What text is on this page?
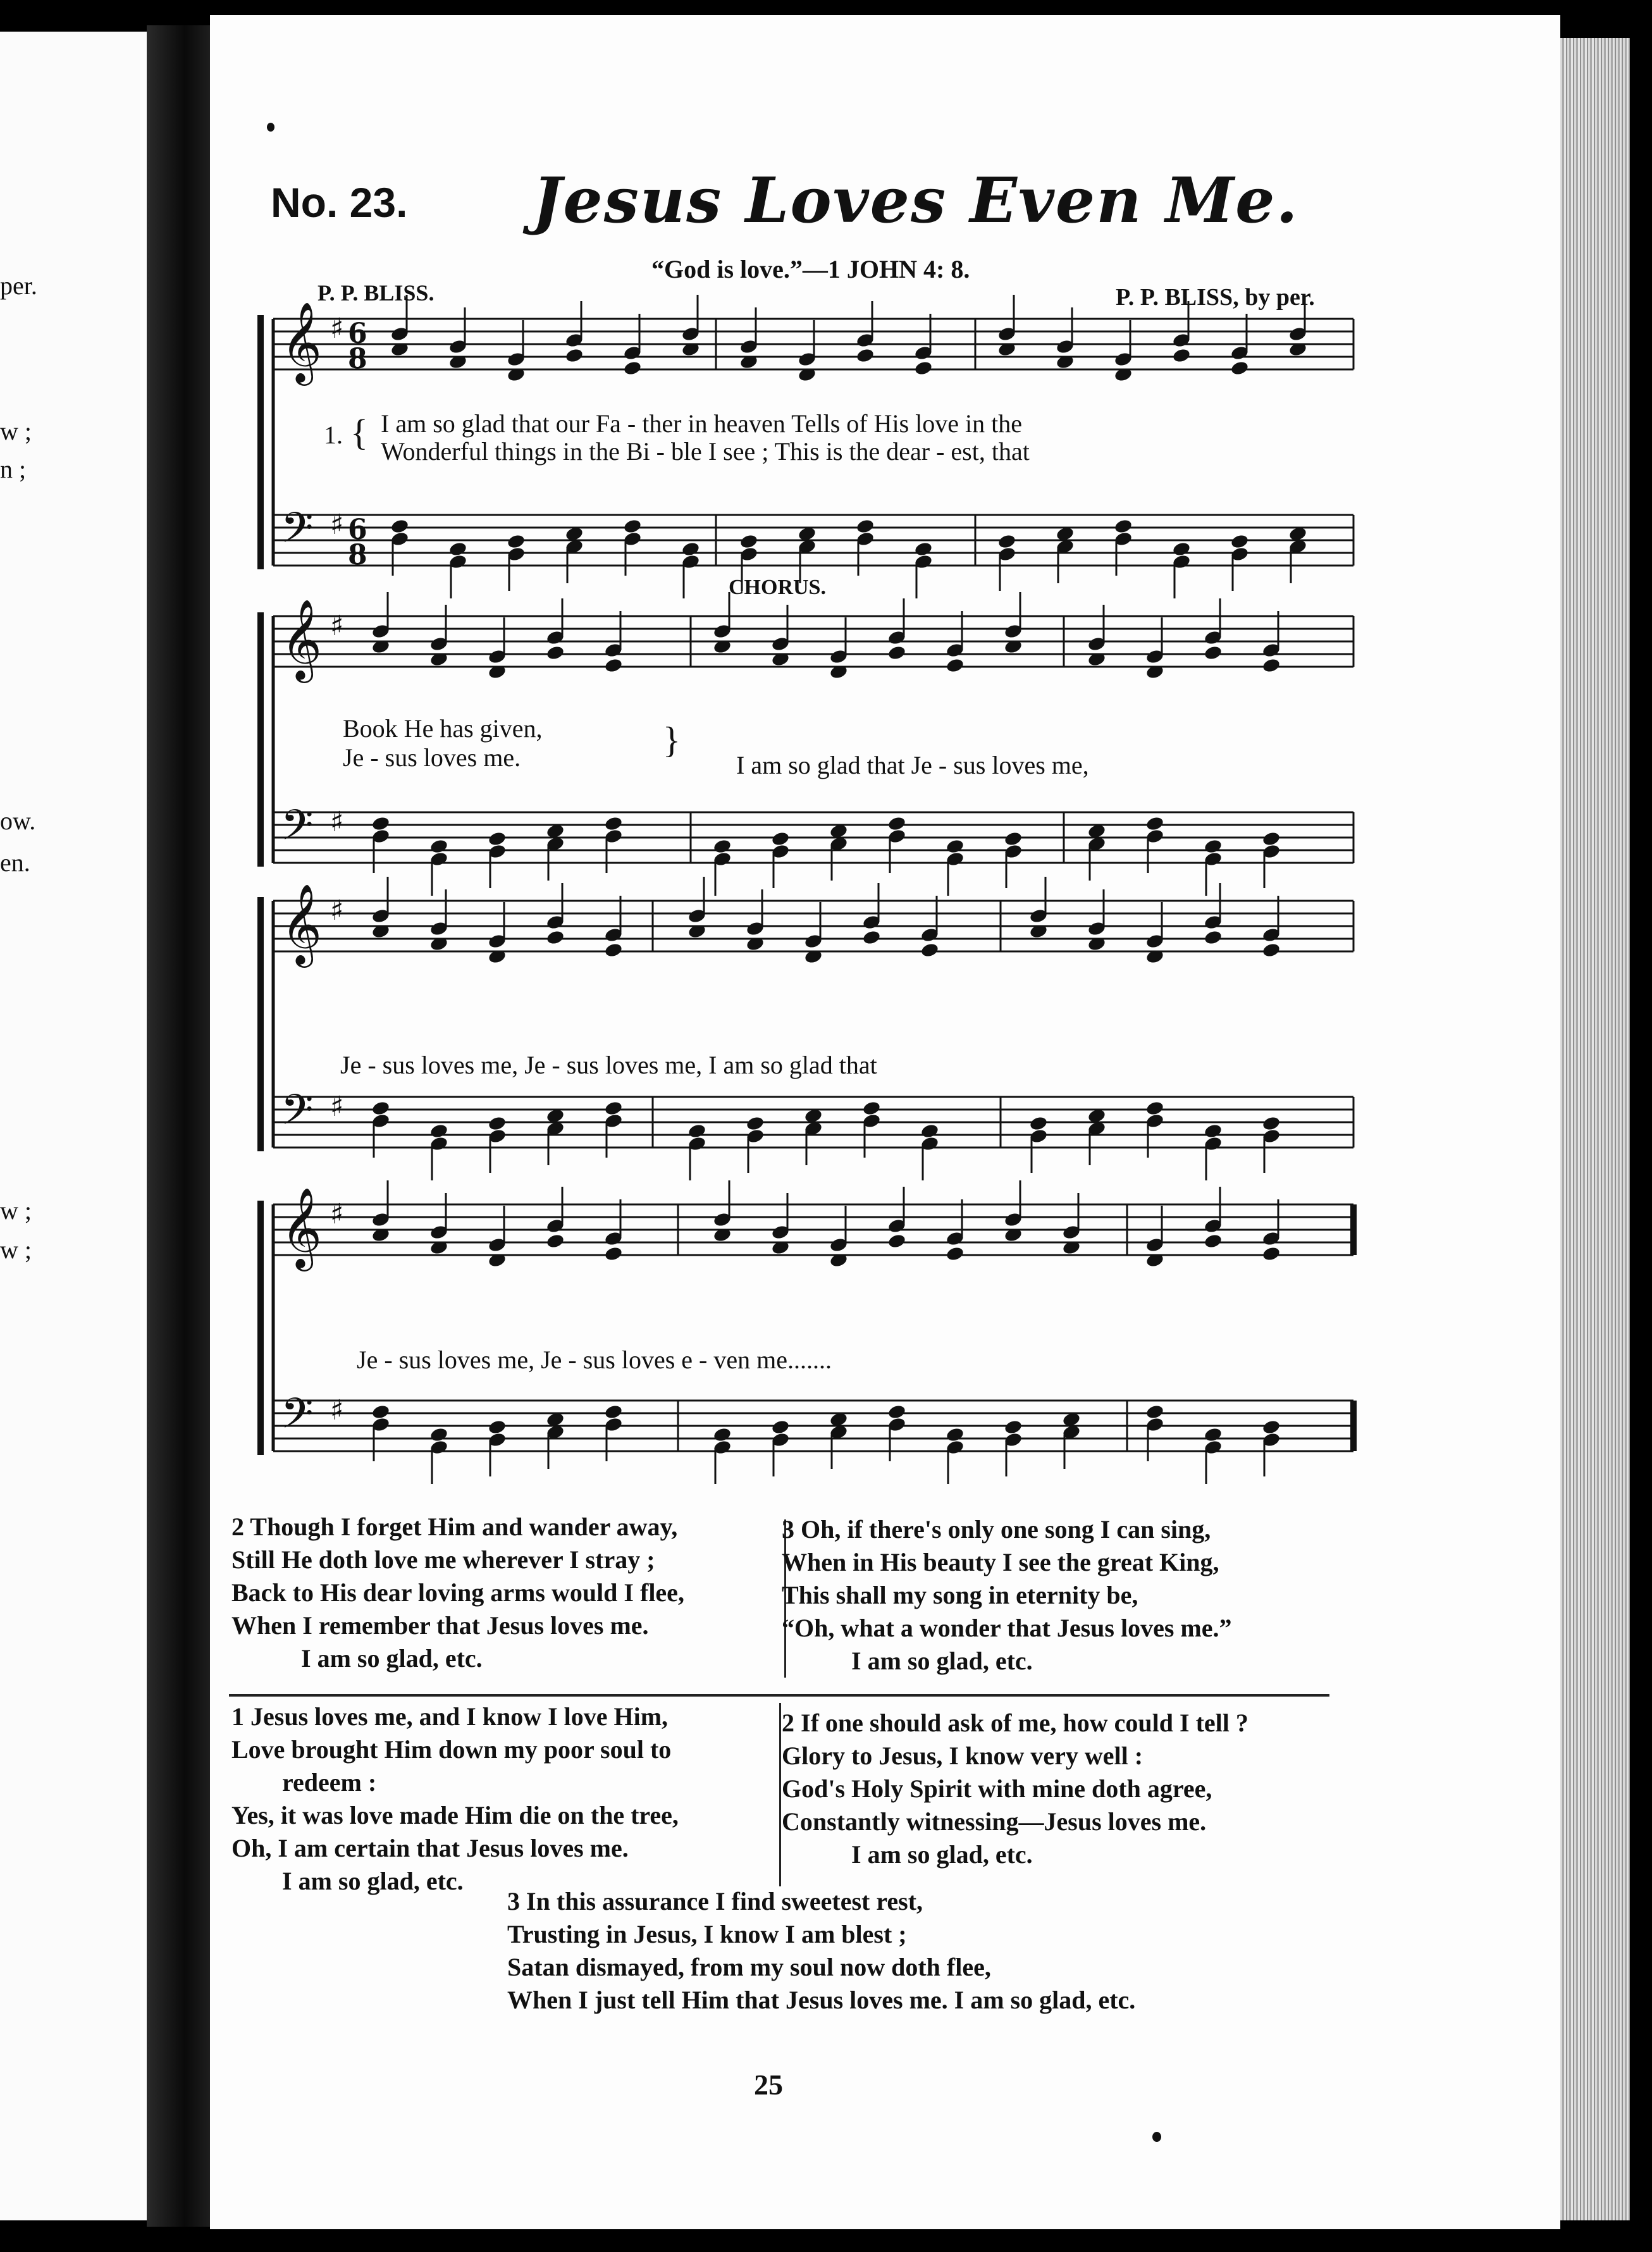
per.
w ;
n ;
ow.
en.
w ;
w ;
No. 23. Jesus Loves Even Me.
“God is love.”—1 JOHN 4: 8.
P. P. BLISS.	P. P. BLISS, by per.
𝄞
𝄢
♯
♯
6
8
6
8
𝄞
𝄢
♯
♯
𝄞
𝄢
♯
♯
𝄞
𝄢
♯
♯
1. { I am so glad that our Fa - ther in heaven Tells of His love in the
Wonderful things in the Bi - ble I see ; This is the dear - est, that
CHORUS.
Book He has given,
Je - sus loves me.	}
I am so glad that Je - sus loves me,
Je - sus loves me, Je - sus loves me, I am so glad that
Je - sus loves me, Je - sus loves e - ven me.......
2 Though I forget Him and wander away,
Still He doth love me wherever I stray ;
Back to His dear loving arms would I flee,
When I remember that Jesus loves me.
I am so glad, etc.
3 Oh, if there's only one song I can sing,
When in His beauty I see the great King,
This shall my song in eternity be,
“Oh, what a wonder that Jesus loves me.”
I am so glad, etc.
1 Jesus loves me, and I know I love Him,
Love brought Him down my poor soul to
redeem :
Yes, it was love made Him die on the tree,
Oh, I am certain that Jesus loves me.
I am so glad, etc.
2 If one should ask of me, how could I tell ?
Glory to Jesus, I know very well :
God's Holy Spirit with mine doth agree,
Constantly witnessing—Jesus loves me.
I am so glad, etc.
3 In this assurance I find sweetest rest,
Trusting in Jesus, I know I am blest ;
Satan dismayed, from my soul now doth flee,
When I just tell Him that Jesus loves me. I am so glad, etc.
25
